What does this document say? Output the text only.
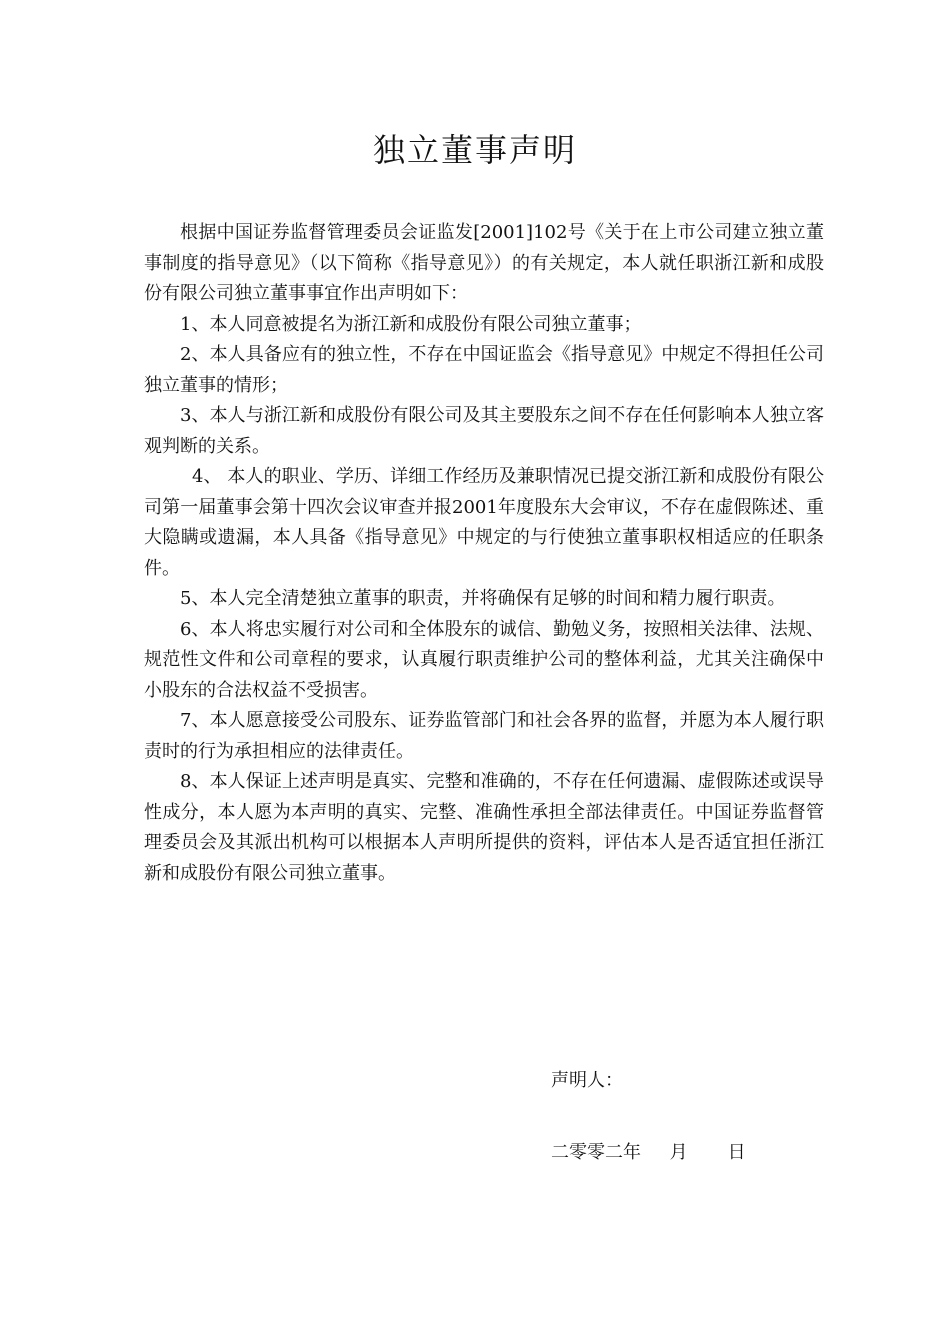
独立董事声明

根据中国证券监督管理委员会证监发[2001]102号《关于在上市公司建立独立董事制度的指导意见》（以下简称《指导意见》）的有关规定，本人就任职浙江新和成股份有限公司独立董事事宜作出声明如下：

1、本人同意被提名为浙江新和成股份有限公司独立董事；

2、本人具备应有的独立性，不存在中国证监会《指导意见》中规定不得担任公司独立董事的情形；

3、本人与浙江新和成股份有限公司及其主要股东之间不存在任何影响本人独立客观判断的关系。

4、 本人的职业、学历、详细工作经历及兼职情况已提交浙江新和成股份有限公司第一届董事会第十四次会议审查并报2001年度股东大会审议，不存在虚假陈述、重大隐瞒或遗漏，本人具备《指导意见》中规定的与行使独立董事职权相适应的任职条件。

5、本人完全清楚独立董事的职责，并将确保有足够的时间和精力履行职责。

6、本人将忠实履行对公司和全体股东的诚信、勤勉义务，按照相关法律、法规、规范性文件和公司章程的要求，认真履行职责维护公司的整体利益，尤其关注确保中小股东的合法权益不受损害。

7、本人愿意接受公司股东、证券监管部门和社会各界的监督，并愿为本人履行职责时的行为承担相应的法律责任。

8、本人保证上述声明是真实、完整和准确的，不存在任何遗漏、虚假陈述或误导性成分，本人愿为本声明的真实、完整、准确性承担全部法律责任。中国证券监督管理委员会及其派出机构可以根据本人声明所提供的资料，评估本人是否适宜担任浙江新和成股份有限公司独立董事。

声明人：
二零零二年     月       日
